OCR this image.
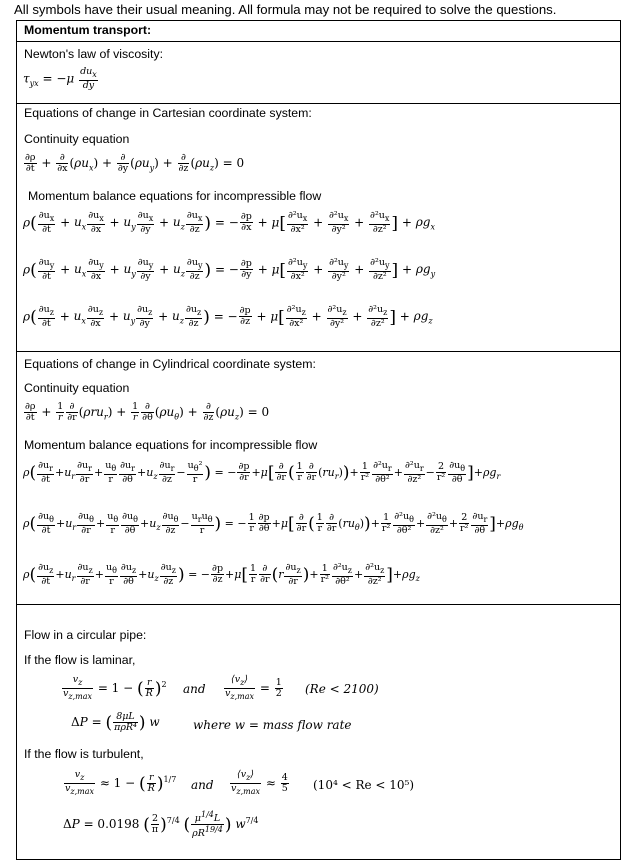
All symbols have their usual meaning. All formula may not be required to solve the questions.
Momentum transport:
Newton's law of viscosity:
$\tau_{yx} = -\mu$ $du_x$
dy
Equations of change in Cartesian coordinate system:
Continuity equation
$\frac{\partial\rho}{\partial t}$ + ∂
∂x $(\rho u_x)$ + ∂
∂y $(\rho u_y)$ + ∂
∂z $(\rho u_z) = 0$
Momentum balance equations for incompressible flow
$\rho( \frac{\partial u_x}{\partial t} + u_x \frac{\partial u_x}{\partial x} + u_y \frac{\partial u_x}{\partial y} + u_z \frac{\partial u_x}{\partial z}$ ) = − $\frac{\partial p}{\partial x} + \mu[ \frac{\partial^2u_x}{\text{∂x²}} + \frac{\partial^2u_x}{\text{∂y²}} + \frac{\partial^2u_x}{\text{∂z²}}$ ] + $\rho g_x$
$\rho( \frac{\partial u_y}{\partial t} + u_x \frac{\partial u_y}{\partial x} + u_y \frac{\partial u_y}{\partial y} + u_z \frac{\partial u_y}{\partial z}$ ) = − $\frac{\partial p}{\partial y} + \mu[ \frac{\partial^2u_y}{\text{∂x²}} + \frac{\partial^2u_y}{\text{∂y²}} + \frac{\partial^2u_y}{\text{∂z²}}$ ] + $\rho g_y$
$\rho( \frac{\partial u_z}{\partial t} + u_x \frac{\partial u_z}{\partial x} + u_y \frac{\partial u_z}{\partial y} + u_z \frac{\partial u_z}{\partial z}$ ) = − $\frac{\partial p}{\partial z} + \mu[ \frac{\partial^2u_z}{\text{∂x²}} + \frac{\partial^2u_z}{\text{∂y²}} + \frac{\partial^2u_z}{\text{∂z²}}$ ] + $\rho g_z$
Equations of change in Cylindrical coordinate system:
Continuity equation
$\frac{\partial\rho}{\partial t} + \frac{1}{r}$ ∂
∂r $(\rho ru_r) + \frac{1}{r}$ ∂
∂θ $(\rho u_\theta)$ + ∂
∂z $(\rho u_z) = 0$
Momentum balance equations for incompressible flow
$\rho( \frac{\partial u_r}{\partial t} +u_r \frac{\partial u_r}{\partial r} + \frac{u_\theta}{r} \frac{\partial u_r}{\partial\theta} +u_z \frac{\partial u_r}{\partial z} - \frac{u_\theta^2}{r}$ ) = − $\frac{\partial p}{\partial r} +\mu$[ ∂
∂r ( $\frac{1}{r}$ ∂
∂r $(ru_r))+ \frac{1}{\text{r²}} \frac{\partial^2u_r}{\text{∂θ²}} + \frac{\partial^2u_r}{\text{∂z²}} - \frac{2}{\text{r²}} \frac{\partial u_\theta}{\partial\theta} ]+\rho g_r$
$\rho( \frac{\partial u_\theta}{\partial t} +u_r \frac{\partial u_\theta}{\partial r} + \frac{u_\theta}{r} \frac{\partial u_\theta}{\partial\theta} +u_z \frac{\partial u_\theta}{\partial z}$ −
$u_ru_\theta$
r ) = − $\frac{1}{r} \frac{\partial p}{\partial\theta} +\mu$[ ∂
∂r ( $\frac{1}{r}$ ∂
∂r $(ru_\theta))+ \frac{1}{\text{r²}} \frac{\partial^2u_\theta}{\text{∂θ²}} + \frac{\partial^2u_\theta}{\text{∂z²}} + \frac{2}{\text{r²}} \frac{\partial u_r}{\partial\theta} ]+\rho g_\theta$
$\rho( \frac{\partial u_z}{\partial t} +u_r \frac{\partial u_z}{\partial r} + \frac{u_\theta}{r} \frac{\partial u_z}{\partial\theta} +u_z \frac{\partial u_z}{\partial z}$ ) = − $\frac{\partial p}{\partial z} +\mu[ \frac{1}{r}$ ∂
∂r ($r \frac{\partial u_z}{\partial r}$ )+ $\frac{1}{\text{r²}} \frac{\partial^2u_z}{\text{∂θ²}} + \frac{\partial^2u_z}{\text{∂z²}} ]+\rho g_z$
Flow in a circular pipe:
If the flow is laminar,
$v_z$
$v_{z,max}$
= 1 − ( $\frac{r}{R} )^2$ and
$⟨v_z⟩$
$v_{z,max}$
= $\frac{1}{2} (Re < 2100)$
ΔP = ( 8μL
πρR⁴ ) w	where w = mass flow rate
If the flow is turbulent,
$v_z$
$v_{z,max}$
≈ 1 − ( $\frac{r}{R} )^{1/7}$ and
$⟨v_z⟩$
$v_{z,max}$
≈ $\frac{4}{5} (10^4 < Re < 10^5)$
ΔP = 0.0198 ( $\frac{2}{\pi} )^{7/4}$ ( $\frac{\mu^{1/4}L}{\rho R^{19/4}}$ ) $w^{7/4}$
